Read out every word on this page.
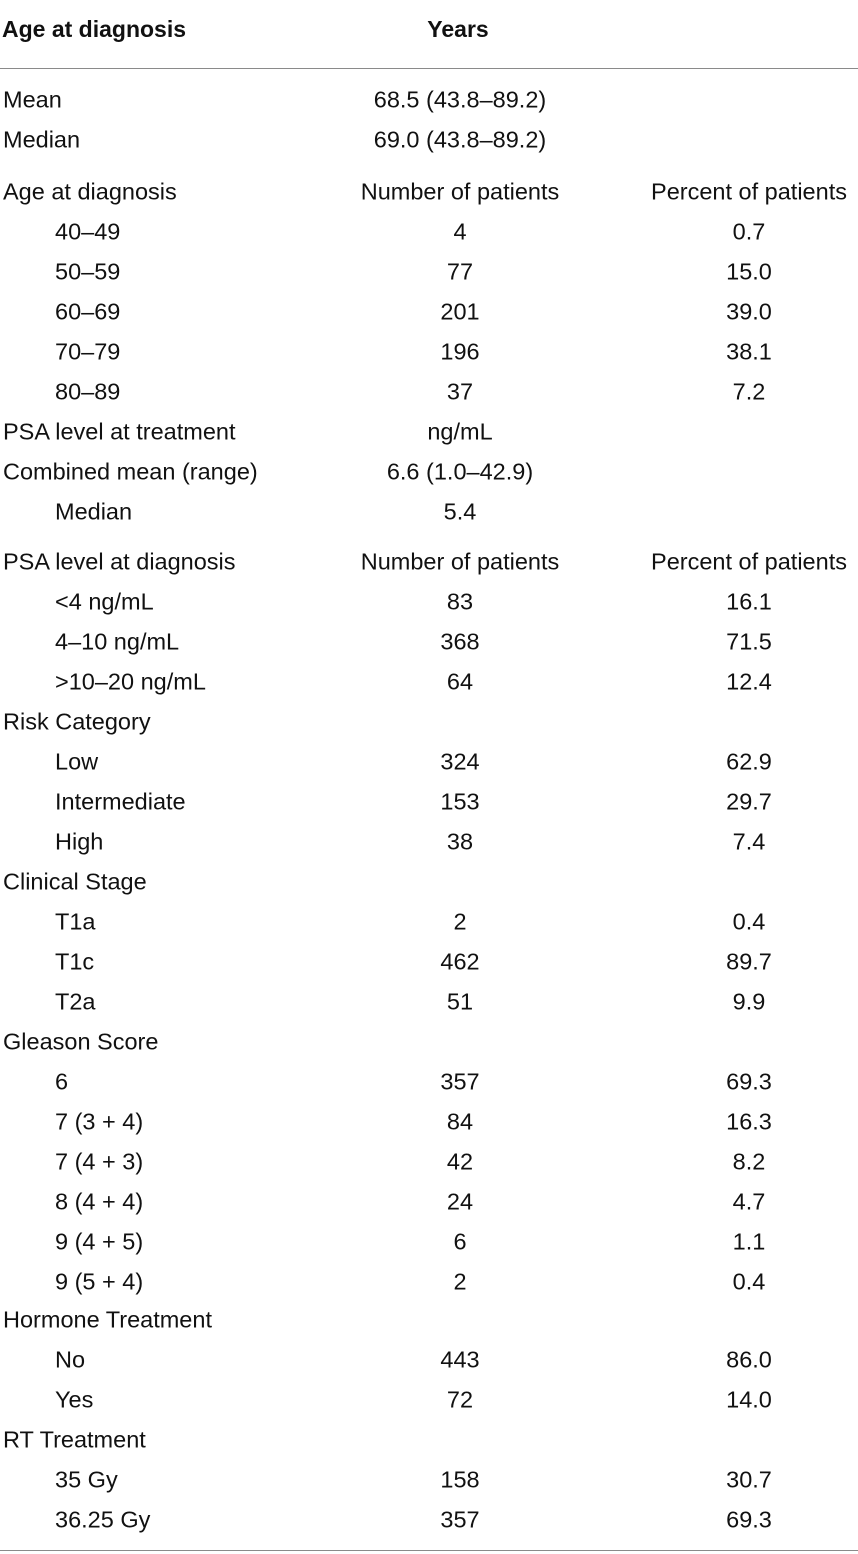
Age at diagnosis	Years
Mean	68.5 (43.8–89.2)
Median	69.0 (43.8–89.2)
Age at diagnosis	Number of patients	Percent of patients
40–49	4	0.7
50–59	77	15.0
60–69	201	39.0
70–79	196	38.1
80–89	37	7.2
PSA level at treatment	ng/mL
Combined mean (range)	6.6 (1.0–42.9)
Median	5.4
PSA level at diagnosis	Number of patients	Percent of patients
<4 ng/mL	83	16.1
4–10 ng/mL	368	71.5
>10–20 ng/mL	64	12.4
Risk Category
Low	324	62.9
Intermediate	153	29.7
High	38	7.4
Clinical Stage
T1a	2	0.4
T1c	462	89.7
T2a	51	9.9
Gleason Score
6	357	69.3
7 (3 + 4)	84	16.3
7 (4 + 3)	42	8.2
8 (4 + 4)	24	4.7
9 (4 + 5)	6	1.1
9 (5 + 4)	2	0.4
Hormone Treatment
No	443	86.0
Yes	72	14.0
RT Treatment
35 Gy	158	30.7
36.25 Gy	357	69.3
